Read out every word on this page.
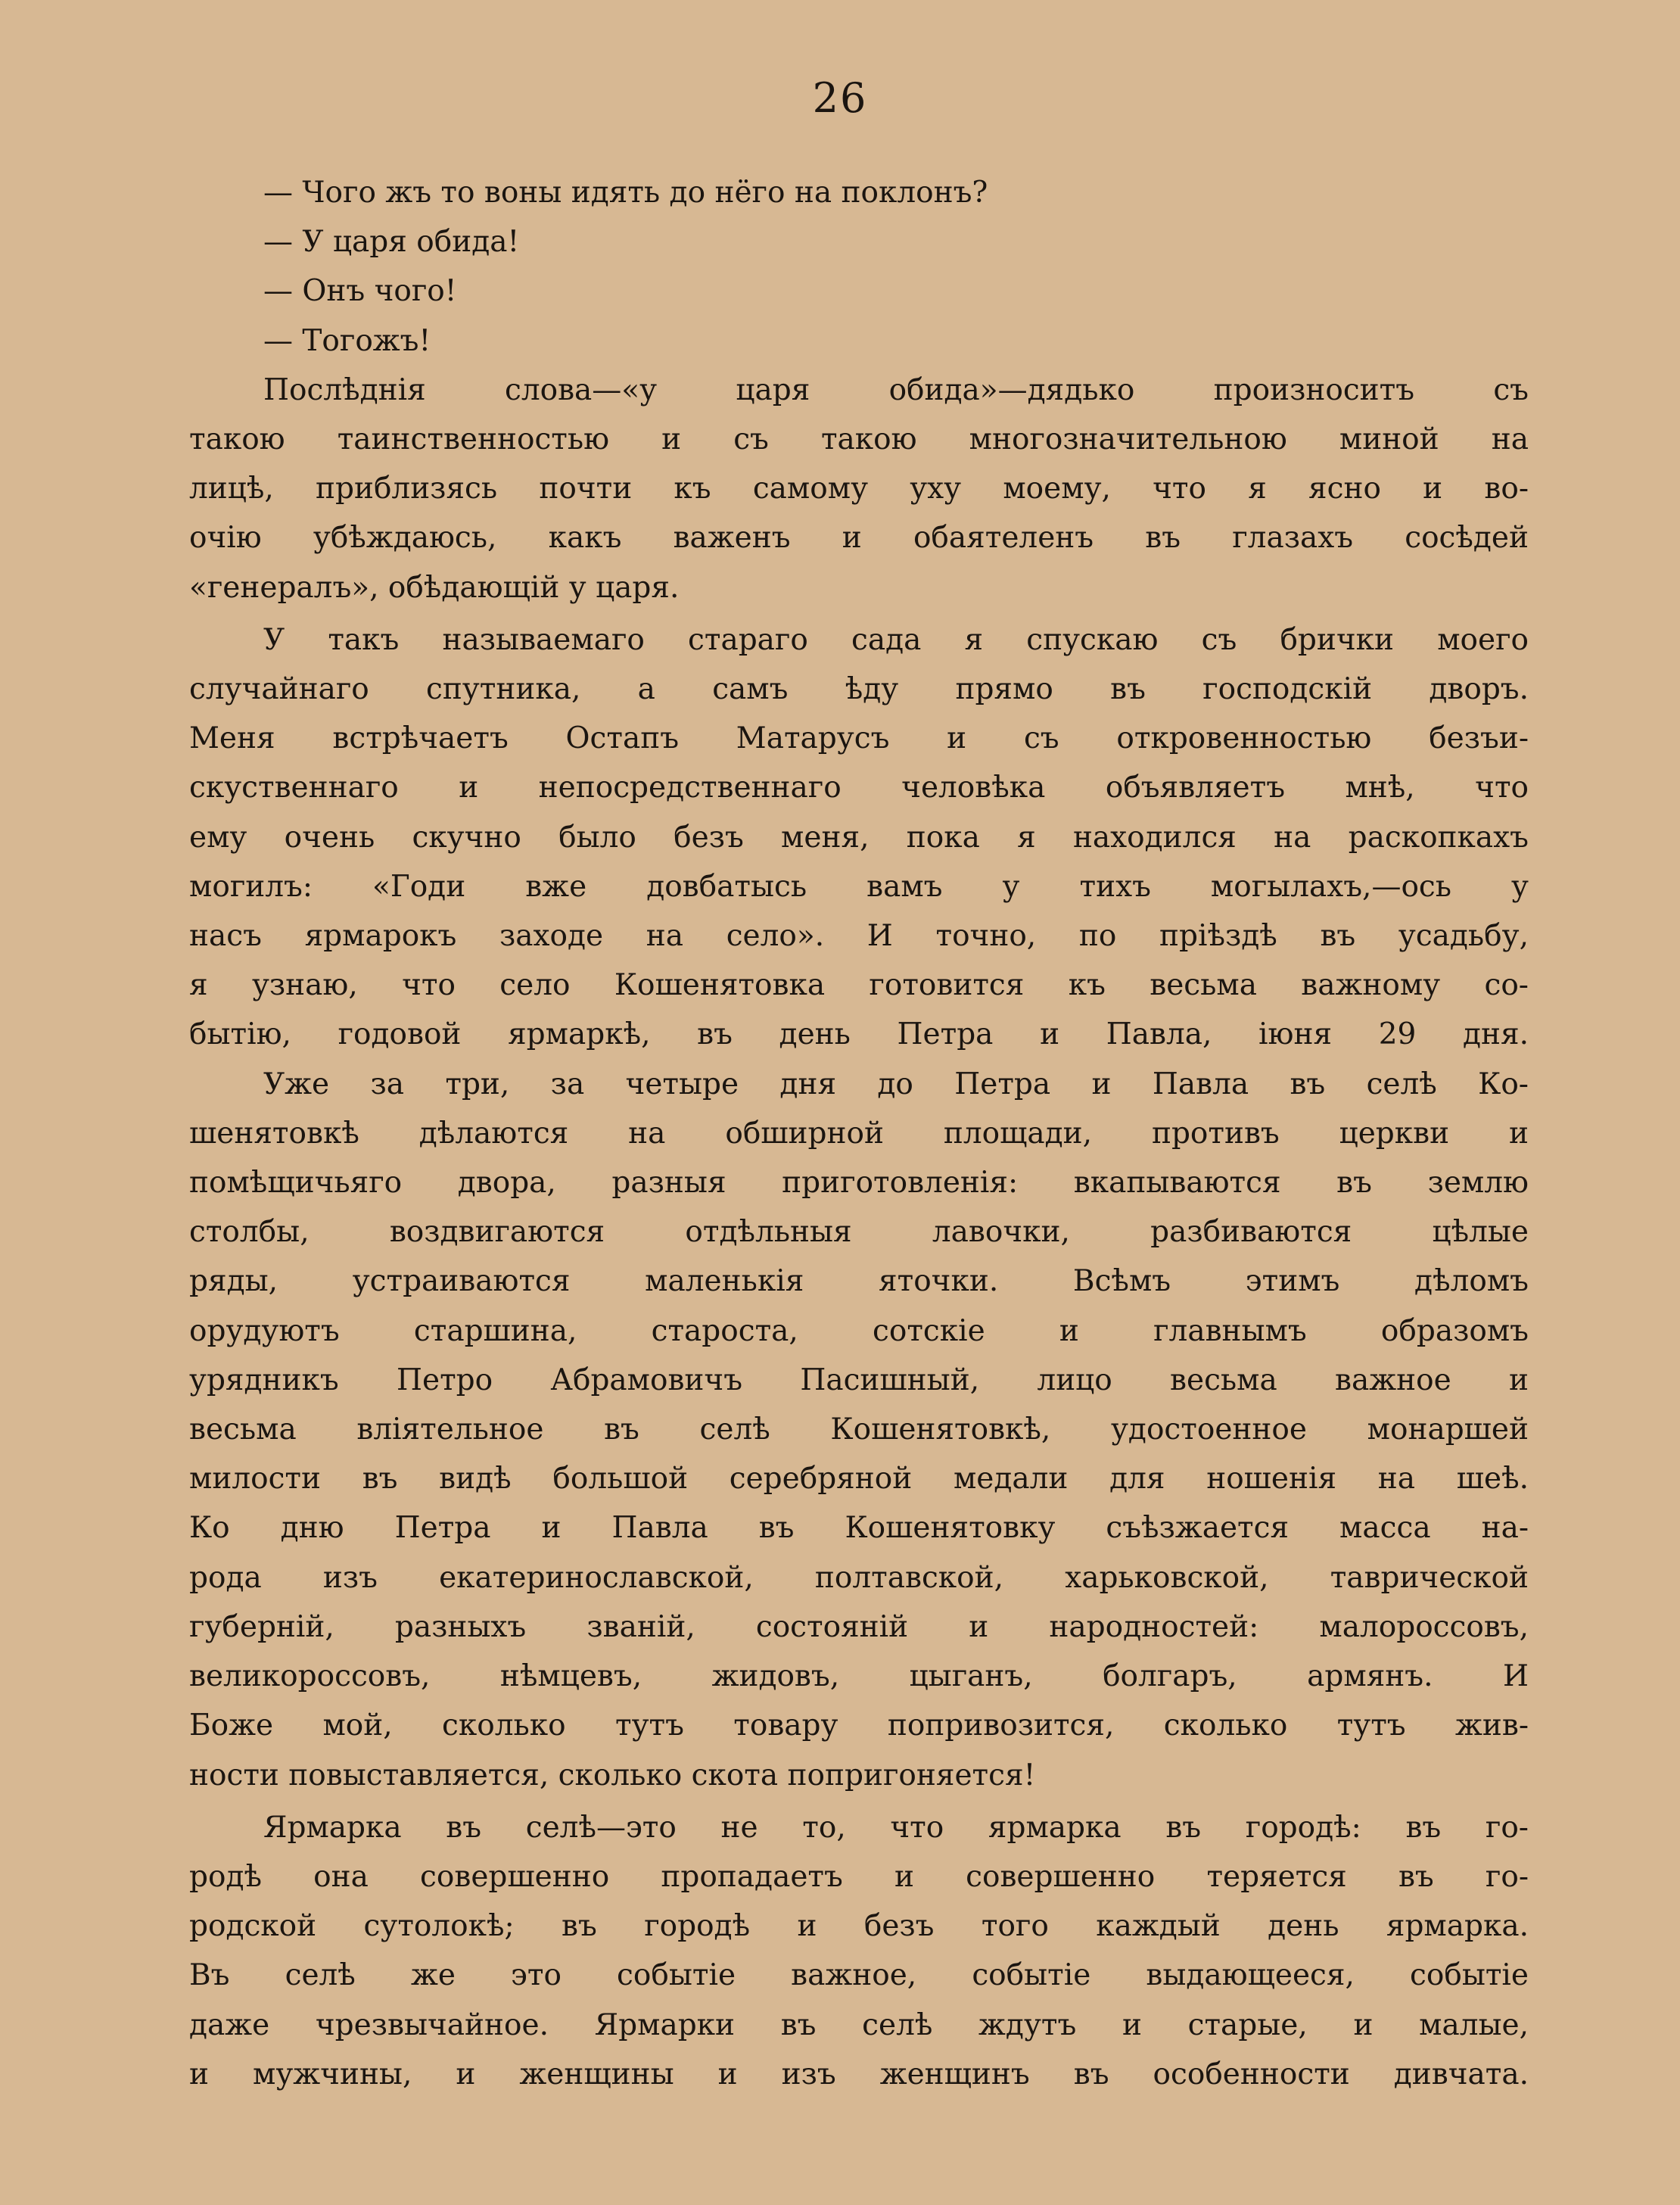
26
— Чого жъ то воны идять до нёго на поклонъ?
— У царя обида!
— Онъ чого!
— Тогожъ!
Послѣднія слова—«у царя обида»—дядько произноситъ съ
такою таинственностью и съ такою многозначительною миной на
лицѣ, приблизясь почти къ самому уху моему, что я ясно и во-
очію убѣждаюсь, какъ важенъ и обаятеленъ въ глазахъ сосѣдей
«генералъ», обѣдающій у царя.
У такъ называемаго стараго сада я спускаю съ брички моего
случайнаго спутника, а самъ ѣду прямо въ господскій дворъ.
Меня встрѣчаетъ Остапъ Матарусъ и съ откровенностью безъи-
скуственнаго и непосредственнаго человѣка объявляетъ мнѣ, что
ему очень скучно было безъ меня, пока я находился на раскопкахъ
могилъ: «Годи вже довбатысь вамъ у тихъ могылахъ,—ось у
насъ ярмарокъ заходе на село». И точно, по пріѣздѣ въ усадьбу,
я узнаю, что село Кошенятовка готовится къ весьма важному со-
бытію, годовой ярмаркѣ, въ день Петра и Павла, іюня 29 дня.
Уже за три, за четыре дня до Петра и Павла въ селѣ Ко-
шенятовкѣ дѣлаются на обширной площади, противъ церкви и
помѣщичьяго двора, разныя приготовленія: вкапываются въ землю
столбы, воздвигаются отдѣльныя лавочки, разбиваются цѣлые
ряды, устраиваются маленькія яточки. Всѣмъ этимъ дѣломъ
орудуютъ старшина, староста, сотскіе и главнымъ образомъ
урядникъ Петро Абрамовичъ Пасишный, лицо весьма важное и
весьма вліятельное въ селѣ Кошенятовкѣ, удостоенное монаршей
милости въ видѣ большой серебряной медали для ношенія на шеѣ.
Ко дню Петра и Павла въ Кошенятовку съѣзжается масса на-
рода изъ екатеринославской, полтавской, харьковской, таврической
губерній, разныхъ званій, состояній и народностей: малороссовъ,
великороссовъ, нѣмцевъ, жидовъ, цыганъ, болгаръ, армянъ. И
Боже мой, сколько тутъ товару попривозится, сколько тутъ жив-
ности повыставляется, сколько скота попригоняется!
Ярмарка въ селѣ—это не то, что ярмарка въ городѣ: въ го-
родѣ она совершенно пропадаетъ и совершенно теряется въ го-
родской сутолокѣ; въ городѣ и безъ того каждый день ярмарка.
Въ селѣ же это событіе важное, событіе выдающееся, событіе
даже чрезвычайное. Ярмарки въ селѣ ждутъ и старые, и малые,
и мужчины, и женщины и изъ женщинъ въ особенности дивчата.
